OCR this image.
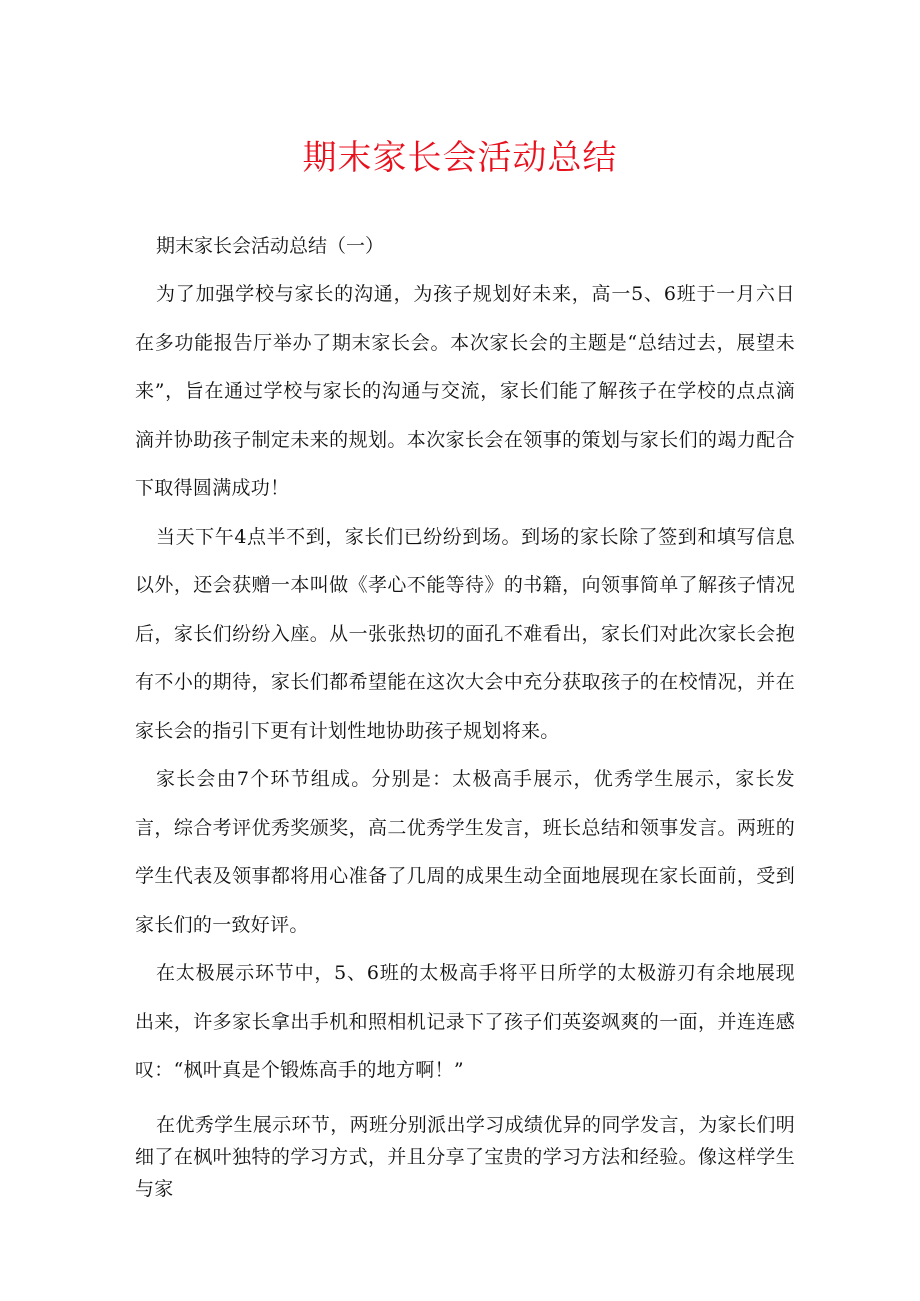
期末家长会活动总结

期末家长会活动总结（一）

为了加强学校与家长的沟通，为孩子规划好未来，高一5、6班于一月六日在多功能报告厅举办了期末家长会。本次家长会的主题是“总结过去，展望未来”，旨在通过学校与家长的沟通与交流，家长们能了解孩子在学校的点点滴滴并协助孩子制定未来的规划。本次家长会在领事的策划与家长们的竭力配合下取得圆满成功！

当天下午4点半不到，家长们已纷纷到场。到场的家长除了签到和填写信息以外，还会获赠一本叫做《孝心不能等待》的书籍，向领事简单了解孩子情况后，家长们纷纷入座。从一张张热切的面孔不难看出，家长们对此次家长会抱有不小的期待，家长们都希望能在这次大会中充分获取孩子的在校情况，并在家长会的指引下更有计划性地协助孩子规划将来。

家长会由7个环节组成。分别是：太极高手展示，优秀学生展示，家长发言，综合考评优秀奖颁奖，高二优秀学生发言，班长总结和领事发言。两班的学生代表及领事都将用心准备了几周的成果生动全面地展现在家长面前，受到家长们的一致好评。

在太极展示环节中，5、6班的太极高手将平日所学的太极游刃有余地展现出来，许多家长拿出手机和照相机记录下了孩子们英姿飒爽的一面，并连连感叹：“枫叶真是个锻炼高手的地方啊！”

在优秀学生展示环节，两班分别派出学习成绩优异的同学发言，为家长们明细了在枫叶独特的学习方式，并且分享了宝贵的学习方法和经验。像这样学生与家
